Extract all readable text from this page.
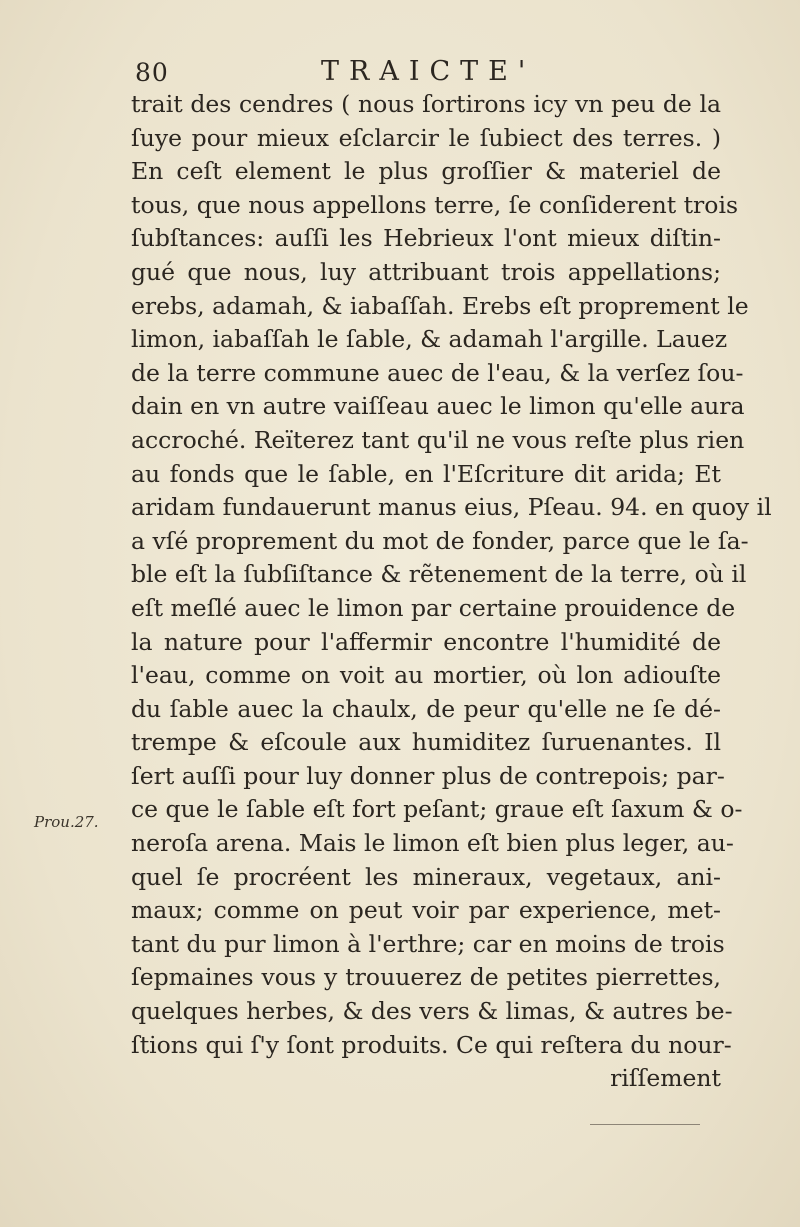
80	TRAICTE'
Prou.27.
trait des cendres ( nous ſortirons icy vn peu de la
ſuye pour mieux eſclarcir le ſubiect des terres. )
En ceſt element le plus groſſier & materiel de
tous, que nous appellons terre, ſe conſiderent trois
ſubſtances: auſſi les Hebrieux l'ont mieux diſtin-
gué que nous, luy attribuant trois appellations;
erebs, adamah, & iabaſſah. Erebs eſt proprement le
limon, iabaſſah le ſable, & adamah l'argille. Lauez
de la terre commune auec de l'eau, & la verſez ſou-
dain en vn autre vaiſſeau auec le limon qu'elle aura
accroché. Reïterez tant qu'il ne vous reſte plus rien
au fonds que le ſable, en l'Eſcriture dit arida; Et
aridam fundauerunt manus eius, Pſeau. 94. en quoy il
a vſé proprement du mot de fonder, parce que le ſa-
ble eſt la ſubſiſtance & rẽtenement de la terre, où il
eſt meſlé auec le limon par certaine prouidence de
la nature pour l'affermir encontre l'humidité de
l'eau, comme on voit au mortier, où lon adiouſte
du ſable auec la chaulx, de peur qu'elle ne ſe dé-
trempe & eſcoule aux humiditez ſuruenantes. Il
ſert auſſi pour luy donner plus de contrepois; par-
ce que le ſable eſt fort peſant; graue eſt ſaxum & o-
neroſa arena. Mais le limon eſt bien plus leger, au-
quel ſe procréent les mineraux, vegetaux, ani-
maux; comme on peut voir par experience, met-
tant du pur limon à l'erthre; car en moins de trois
ſepmaines vous y trouuerez de petites pierrettes,
quelques herbes, & des vers & limas, & autres be-
ſtions qui ſ'y ſont produits. Ce qui reſtera du nour-
riſſement
